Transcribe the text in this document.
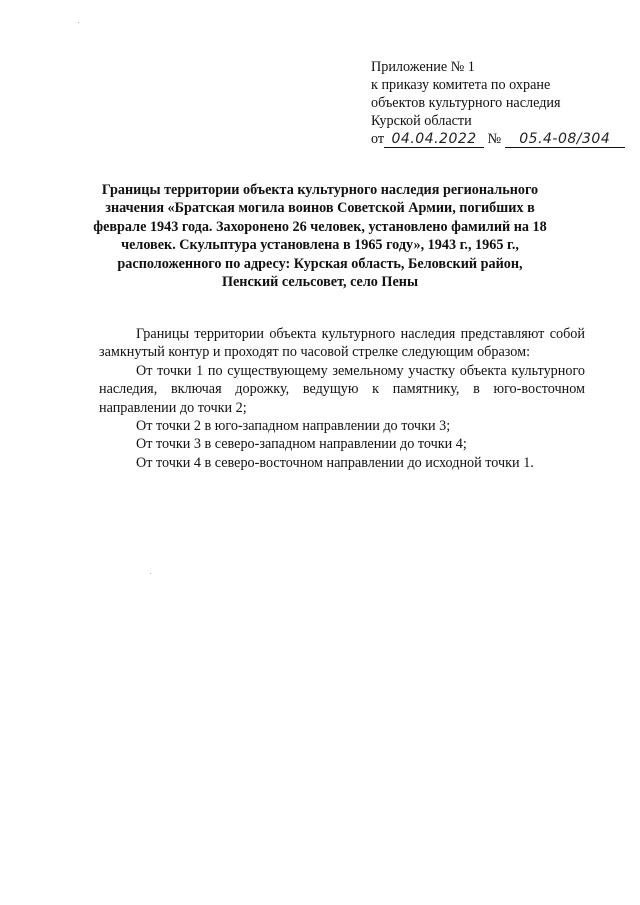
Приложение № 1
к приказу комитета по охране
объектов культурного наследия
Курской области
от 04.04.2022 № 05.4-08/304
Границы территории объекта культурного наследия регионального значения «Братская могила воинов Советской Армии, погибших в феврале 1943 года. Захоронено 26 человек, установлено фамилий на 18 человек. Скульптура установлена в 1965 году», 1943 г., 1965 г., расположенного по адресу: Курская область, Беловский район, Пенский сельсовет, село Пены

Границы территории объекта культурного наследия представляют собой замкнутый контур и проходят по часовой стрелке следующим образом:

От точки 1 по существующему земельному участку объекта культурного наследия, включая дорожку, ведущую к памятнику, в юго-восточном направлении до точки 2;

От точки 2 в юго-западном направлении до точки 3;

От точки 3 в северо-западном направлении до точки 4;

От точки 4 в северо-восточном направлении до исходной точки 1.
